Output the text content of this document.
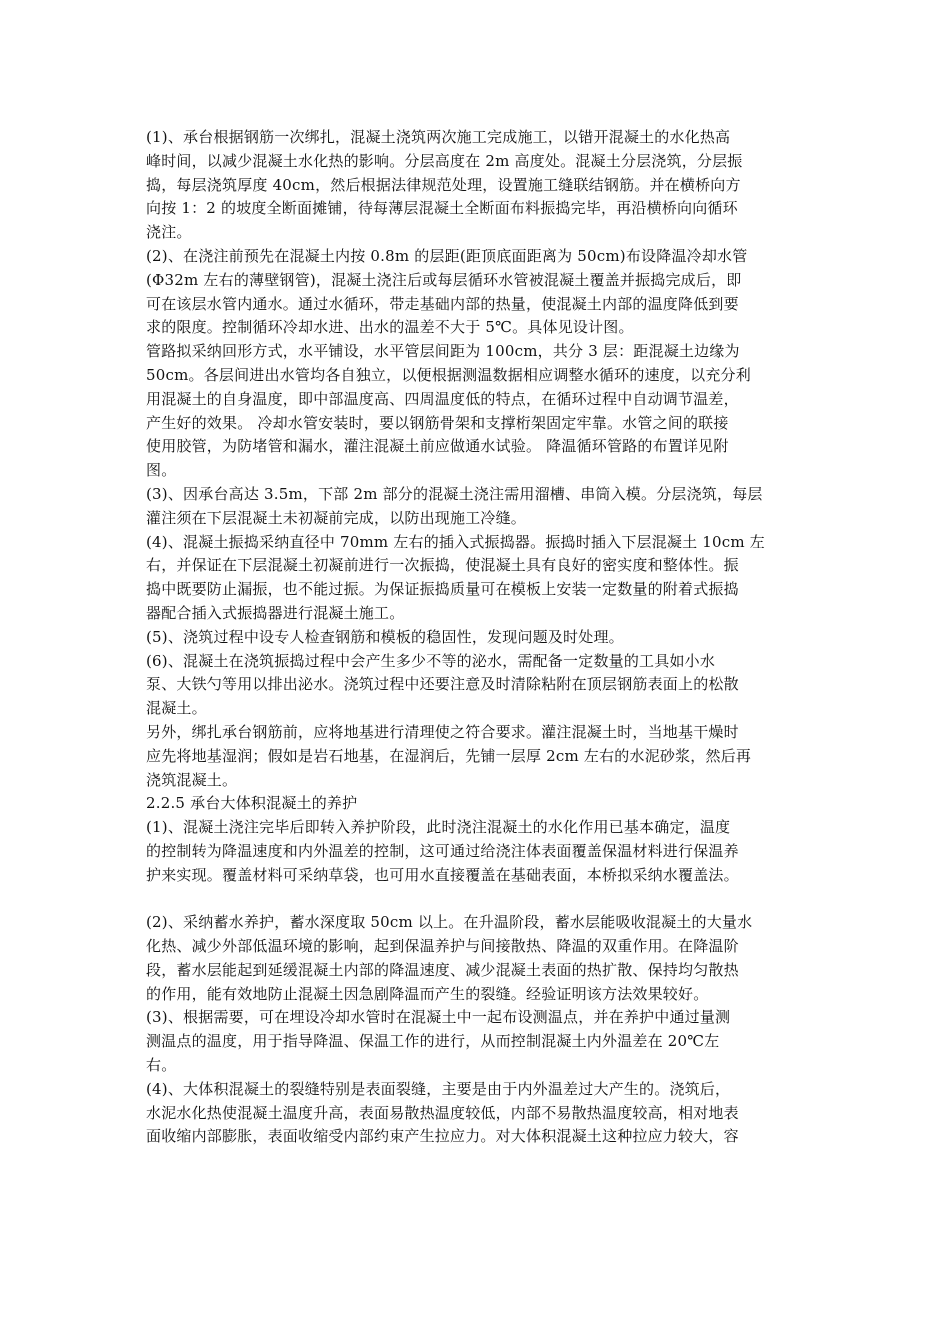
(1)、承台根据钢筋一次绑扎，混凝土浇筑两次施工完成施工，以错开混凝土的水化热高
峰时间，以减少混凝土水化热的影响。分层高度在 2m 高度处。混凝土分层浇筑，分层振
捣，每层浇筑厚度 40cm，然后根据法律规范处理，设置施工缝联结钢筋。并在横桥向方
向按 1：2 的坡度全断面摊铺，待每薄层混凝土全断面布料振捣完毕，再沿横桥向向循环
浇注。
(2)、在浇注前预先在混凝土内按 0.8m 的层距(距顶底面距离为 50cm)布设降温冷却水管
(Φ32m 左右的薄壁钢管)，混凝土浇注后或每层循环水管被混凝土覆盖并振捣完成后，即
可在该层水管内通水。通过水循环，带走基础内部的热量，使混凝土内部的温度降低到要
求的限度。控制循环冷却水进、出水的温差不大于 5℃。具体见设计图。
管路拟采纳回形方式，水平铺设，水平管层间距为 100cm，共分 3 层：距混凝土边缘为
50cm。各层间进出水管均各自独立，以便根据测温数据相应调整水循环的速度，以充分利
用混凝土的自身温度，即中部温度高、四周温度低的特点，在循环过程中自动调节温差，
产生好的效果。 冷却水管安装时，要以钢筋骨架和支撑桁架固定牢靠。水管之间的联接
使用胶管，为防堵管和漏水，灌注混凝土前应做通水试验。 降温循环管路的布置详见附
图。
(3)、因承台高达 3.5m，下部 2m 部分的混凝土浇注需用溜槽、串筒入模。分层浇筑，每层
灌注须在下层混凝土未初凝前完成，以防出现施工冷缝。
(4)、混凝土振捣采纳直径中 70mm 左右的插入式振捣器。振捣时插入下层混凝土 10cm 左
右，并保证在下层混凝土初凝前进行一次振捣，使混凝土具有良好的密实度和整体性。振
捣中既要防止漏振，也不能过振。为保证振捣质量可在模板上安装一定数量的附着式振捣
器配合插入式振捣器进行混凝土施工。
(5)、浇筑过程中设专人检查钢筋和模板的稳固性，发现问题及时处理。
(6)、混凝土在浇筑振捣过程中会产生多少不等的泌水，需配备一定数量的工具如小水
泵、大铁勺等用以排出泌水。浇筑过程中还要注意及时清除粘附在顶层钢筋表面上的松散
混凝土。
另外，绑扎承台钢筋前，应将地基进行清理使之符合要求。灌注混凝土时，当地基干燥时
应先将地基湿润；假如是岩石地基，在湿润后，先铺一层厚 2cm 左右的水泥砂浆，然后再
浇筑混凝土。
2.2.5 承台大体积混凝土的养护
(1)、混凝土浇注完毕后即转入养护阶段，此时浇注混凝土的水化作用已基本确定，温度
的控制转为降温速度和内外温差的控制，这可通过给浇注体表面覆盖保温材料进行保温养
护来实现。覆盖材料可采纳草袋，也可用水直接覆盖在基础表面，本桥拟采纳水覆盖法。
(2)、采纳蓄水养护，蓄水深度取 50cm 以上。在升温阶段，蓄水层能吸收混凝土的大量水
化热、减少外部低温环境的影响，起到保温养护与间接散热、降温的双重作用。在降温阶
段，蓄水层能起到延缓混凝土内部的降温速度、减少混凝土表面的热扩散、保持均匀散热
的作用，能有效地防止混凝土因急剧降温而产生的裂缝。经验证明该方法效果较好。
(3)、根据需要，可在埋设冷却水管时在混凝土中一起布设测温点，并在养护中通过量测
测温点的温度，用于指导降温、保温工作的进行，从而控制混凝土内外温差在 20℃左
右。
(4)、大体积混凝土的裂缝特别是表面裂缝，主要是由于内外温差过大产生的。浇筑后，
水泥水化热使混凝土温度升高，表面易散热温度较低，内部不易散热温度较高，相对地表
面收缩内部膨胀，表面收缩受内部约束产生拉应力。对大体积混凝土这种拉应力较大，容
